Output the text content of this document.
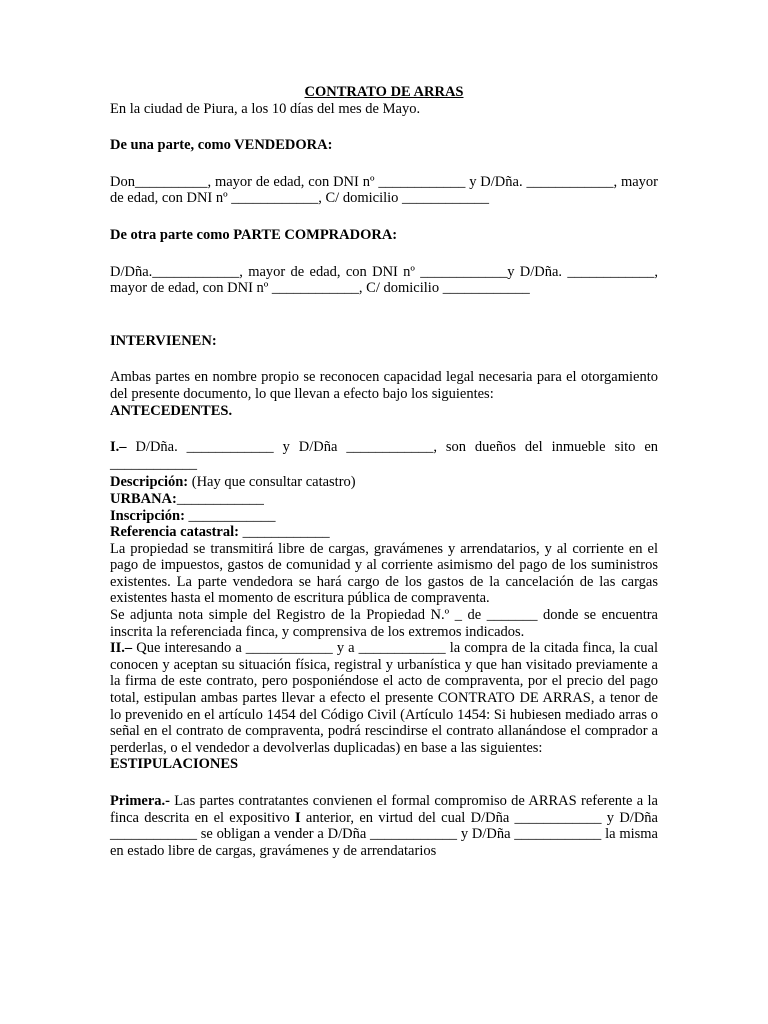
CONTRATO DE ARRAS

En la ciudad de Piura, a los 10 días del mes de Mayo.

De una parte, como VENDEDORA:

Don__________, mayor de edad, con DNI nº ____________ y D/Dña. ____________, mayor de edad, con DNI nº ____________, C/ domicilio ____________

De otra parte como PARTE COMPRADORA:

D/Dña.____________, mayor de edad, con DNI nº ____________y D/Dña. ____________, mayor de edad, con DNI nº ____________, C/ domicilio ____________

INTERVIENEN:

Ambas partes en nombre propio se reconocen capacidad legal necesaria para el otorgamiento del presente documento, lo que llevan a efecto bajo los siguientes:

ANTECEDENTES.

I.– D/Dña. ____________ y D/Dña ____________, son dueños del inmueble sito en ____________

Descripción: (Hay que consultar catastro)

URBANA:____________

Inscripción: ____________

Referencia catastral: ____________

La propiedad se transmitirá libre de cargas, gravámenes y arrendatarios, y al corriente en el pago de impuestos, gastos de comunidad y al corriente asimismo del pago de los suministros existentes. La parte vendedora se hará cargo de los gastos de la cancelación de las cargas existentes hasta el momento de escritura pública de compraventa.

Se adjunta nota simple del Registro de la Propiedad N.º _ de _______ donde se encuentra inscrita la referenciada finca, y comprensiva de los extremos indicados.

II.– Que interesando a ____________ y a ____________ la compra de la citada finca, la cual conocen y aceptan su situación física, registral y urbanística y que han visitado previamente a la firma de este contrato, pero posponiéndose el acto de compraventa, por el precio del pago total, estipulan ambas partes llevar a efecto el presente CONTRATO DE ARRAS, a tenor de lo prevenido en el artículo 1454 del Código Civil (Artículo 1454: Si hubiesen mediado arras o señal en el contrato de compraventa, podrá rescindirse el contrato allanándose el comprador a perderlas, o el vendedor a devolverlas duplicadas) en base a las siguientes:

ESTIPULACIONES

Primera.- Las partes contratantes convienen el formal compromiso de ARRAS referente a la finca descrita en el expositivo I anterior, en virtud del cual D/Dña ____________ y D/Dña ____________ se obligan a vender a D/Dña ____________ y D/Dña ____________ la misma en estado libre de cargas, gravámenes y de arrendatarios
